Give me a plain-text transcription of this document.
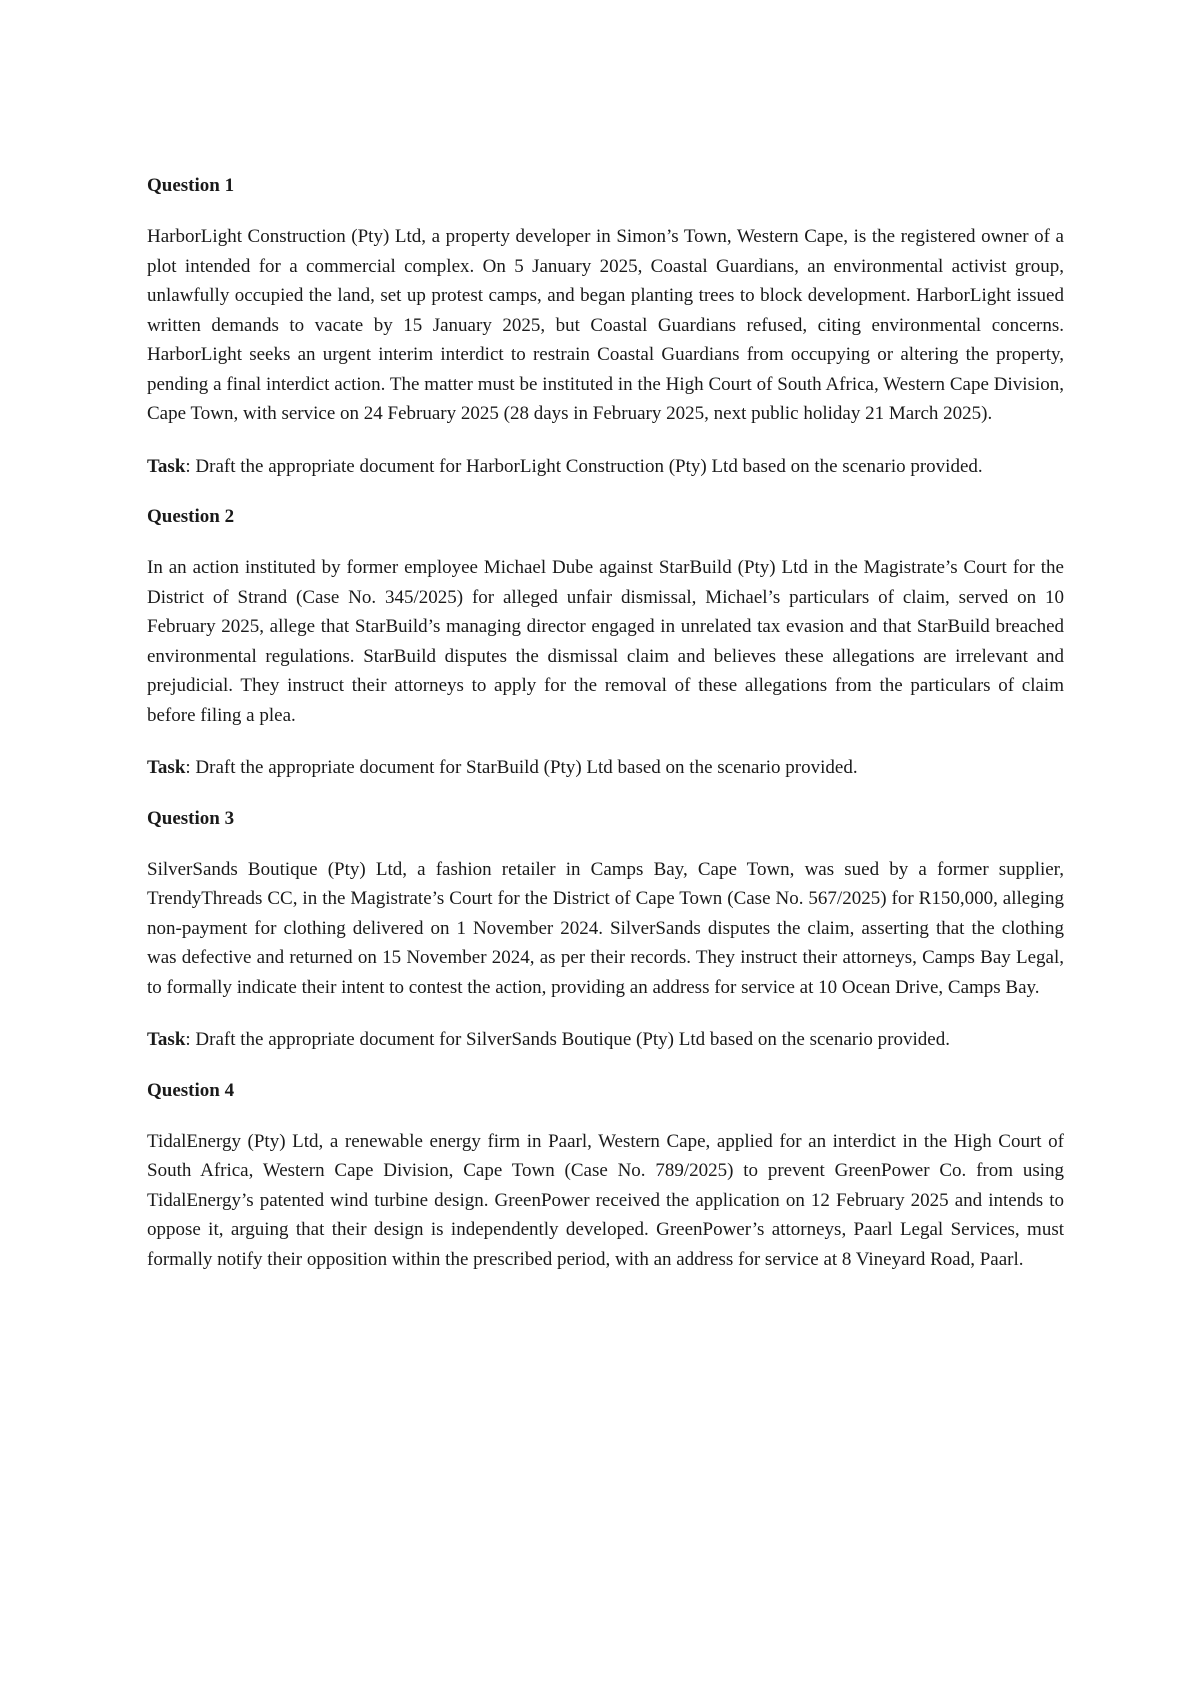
Question 1

HarborLight Construction (Pty) Ltd, a property developer in Simon’s Town, Western Cape, is the registered owner of a plot intended for a commercial complex. On 5 January 2025, Coastal Guardians, an environmental activist group, unlawfully occupied the land, set up protest camps, and began planting trees to block development. HarborLight issued written demands to vacate by 15 January 2025, but Coastal Guardians refused, citing environmental concerns. HarborLight seeks an urgent interim interdict to restrain Coastal Guardians from occupying or altering the property, pending a final interdict action. The matter must be instituted in the High Court of South Africa, Western Cape Division, Cape Town, with service on 24 February 2025 (28 days in February 2025, next public holiday 21 March 2025).

Task: Draft the appropriate document for HarborLight Construction (Pty) Ltd based on the scenario provided.

Question 2

In an action instituted by former employee Michael Dube against StarBuild (Pty) Ltd in the Magistrate’s Court for the District of Strand (Case No. 345/2025) for alleged unfair dismissal, Michael’s particulars of claim, served on 10 February 2025, allege that StarBuild’s managing director engaged in unrelated tax evasion and that StarBuild breached environmental regulations. StarBuild disputes the dismissal claim and believes these allegations are irrelevant and prejudicial. They instruct their attorneys to apply for the removal of these allegations from the particulars of claim before filing a plea.

Task: Draft the appropriate document for StarBuild (Pty) Ltd based on the scenario provided.

Question 3

SilverSands Boutique (Pty) Ltd, a fashion retailer in Camps Bay, Cape Town, was sued by a former supplier, TrendyThreads CC, in the Magistrate’s Court for the District of Cape Town (Case No. 567/2025) for R150,000, alleging non-payment for clothing delivered on 1 November 2024. SilverSands disputes the claim, asserting that the clothing was defective and returned on 15 November 2024, as per their records. They instruct their attorneys, Camps Bay Legal, to formally indicate their intent to contest the action, providing an address for service at 10 Ocean Drive, Camps Bay.

Task: Draft the appropriate document for SilverSands Boutique (Pty) Ltd based on the scenario provided.

Question 4

TidalEnergy (Pty) Ltd, a renewable energy firm in Paarl, Western Cape, applied for an interdict in the High Court of South Africa, Western Cape Division, Cape Town (Case No. 789/2025) to prevent GreenPower Co. from using TidalEnergy’s patented wind turbine design. GreenPower received the application on 12 February 2025 and intends to oppose it, arguing that their design is independently developed. GreenPower’s attorneys, Paarl Legal Services, must formally notify their opposition within the prescribed period, with an address for service at 8 Vineyard Road, Paarl.
